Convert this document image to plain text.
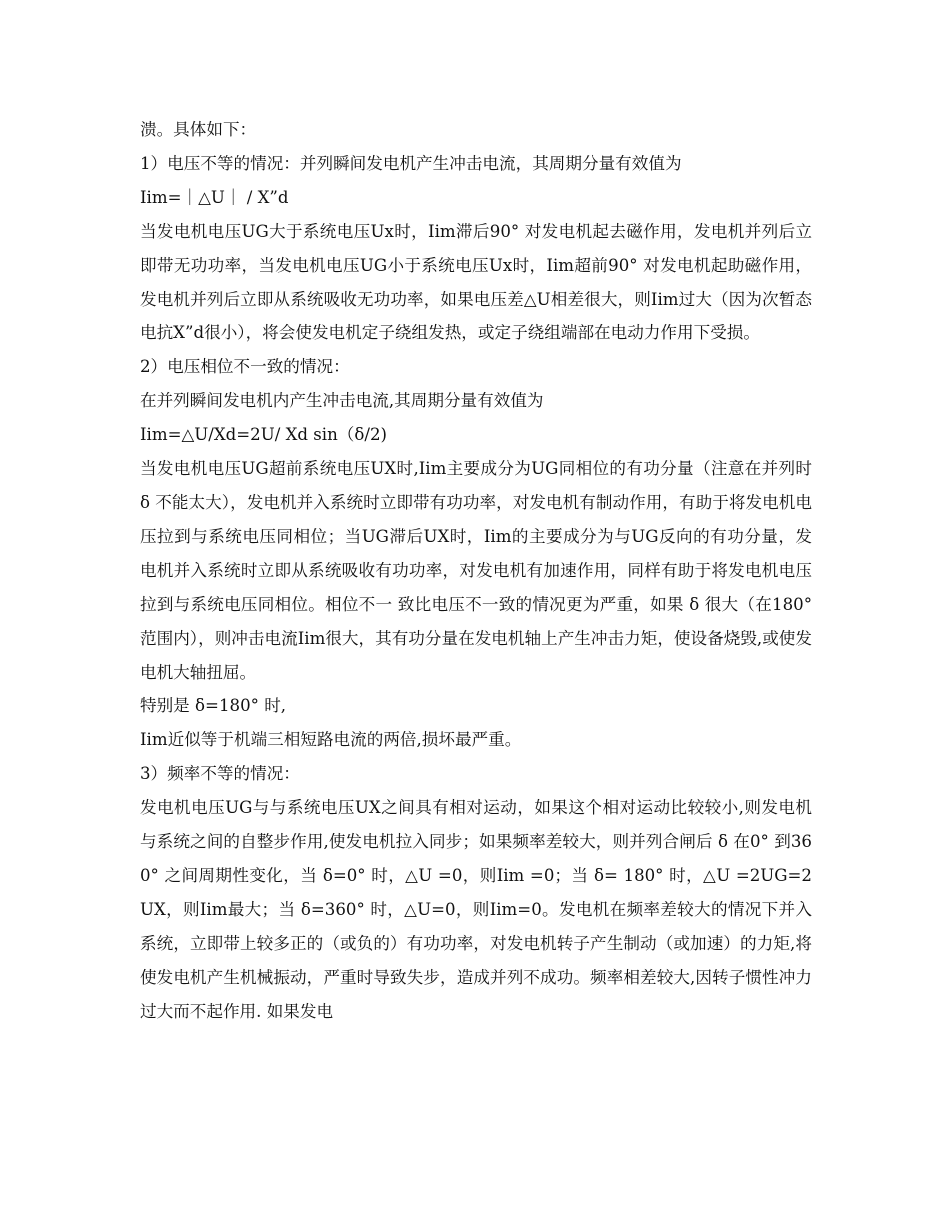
溃。具体如下：

1）电压不等的情况：并列瞬间发电机产生冲击电流，其周期分量有效值为

Iim=｜△U｜ / X”d

当发电机电压UG大于系统电压Ux时，Iim滞后90° 对发电机起去磁作用，发电机并列后立即带无功功率，当发电机电压UG小于系统电压Ux时，Iim超前90° 对发电机起助磁作用，发电机并列后立即从系统吸收无功功率，如果电压差△U相差很大，则Iim过大（因为次暂态电抗X”d很小），将会使发电机定子绕组发热，或定子绕组端部在电动力作用下受损。

2）电压相位不一致的情况：

在并列瞬间发电机内产生冲击电流,其周期分量有效值为

Iim=△U/Xd=2U/ Xd sin（δ/2)

当发电机电压UG超前系统电压UX时,Iim主要成分为UG同相位的有功分量（注意在并列时 δ 不能太大），发电机并入系统时立即带有功功率，对发电机有制动作用，有助于将发电机电压拉到与系统电压同相位；当UG滞后UX时，Iim的主要成分为与UG反向的有功分量，发电机并入系统时立即从系统吸收有功功率，对发电机有加速作用，同样有助于将发电机电压拉到与系统电压同相位。相位不一 致比电压不一致的情况更为严重，如果 δ 很大（在180° 范围内），则冲击电流Iim很大，其有功分量在发电机轴上产生冲击力矩，使设备烧毁,或使发电机大轴扭屈。

特别是 δ=180° 时,

Iim近似等于机端三相短路电流的两倍,损坏最严重。

3）频率不等的情况：

发电机电压UG与与系统电压UX之间具有相对运动，如果这个相对运动比较较小,则发电机与系统之间的自整步作用,使发电机拉入同步；如果频率差较大，则并列合闸后 δ 在0° 到360° 之间周期性变化，当 δ=0° 时，△U =0，则Iim =0；当 δ= 180° 时，△U =2UG=2UX，则Iim最大；当 δ=360° 时，△U=0，则Iim=0。发电机在频率差较大的情况下并入系统，立即带上较多正的（或负的）有功功率，对发电机转子产生制动（或加速）的力矩,将使发电机产生机械振动，严重时导致失步，造成并列不成功。频率相差较大,因转子惯性冲力过大而不起作用. 如果发电
